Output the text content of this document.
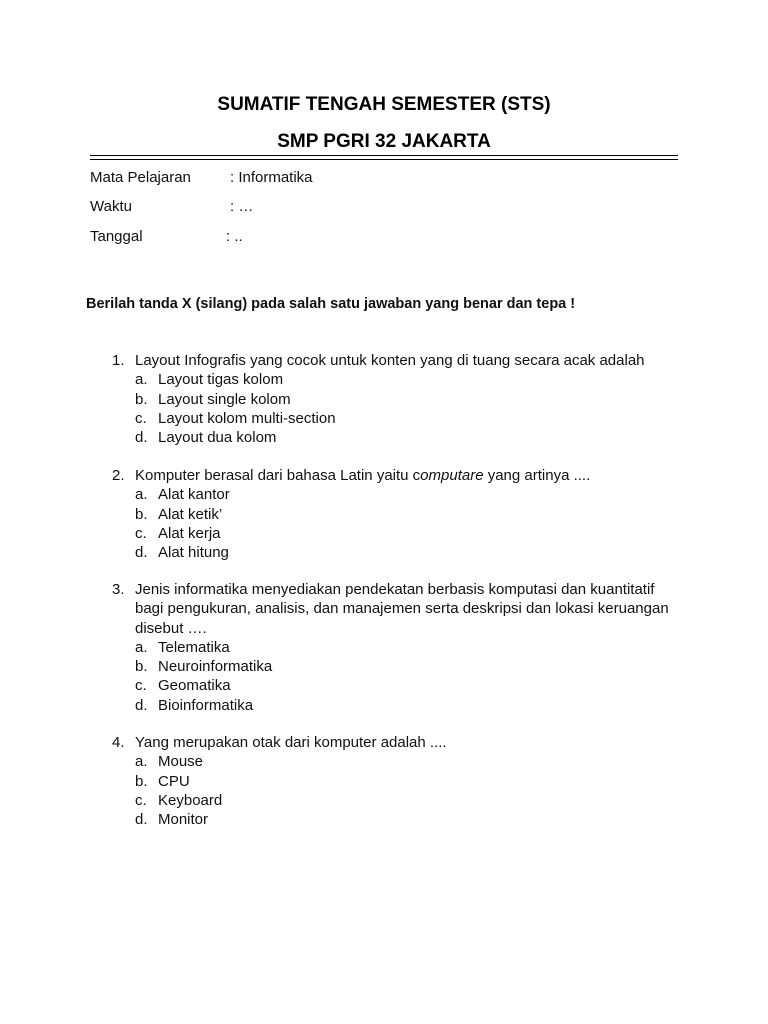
SUMATIF TENGAH SEMESTER (STS)
SMP PGRI 32 JAKARTA
Mata Pelajaran	: Informatika
Waktu	: …
Tanggal	: ..
Berilah tanda X (silang) pada salah satu jawaban yang benar dan tepa !
1. Layout Infografis yang cocok untuk konten yang di tuang secara acak adalah
a. Layout tigas kolom
b. Layout single kolom
c. Layout kolom multi-section
d. Layout dua kolom
2. Komputer berasal dari bahasa Latin yaitu computare yang artinya ....
a. Alat kantor
b. Alat ketik’
c. Alat kerja
d. Alat hitung
3. Jenis informatika menyediakan pendekatan berbasis komputasi dan kuantitatif
bagi pengukuran, analisis, dan manajemen serta deskripsi dan lokasi keruangan
disebut ….
a. Telematika
b. Neuroinformatika
c. Geomatika
d. Bioinformatika
4. Yang merupakan otak dari komputer adalah ....
a. Mouse
b. CPU
c. Keyboard
d. Monitor
